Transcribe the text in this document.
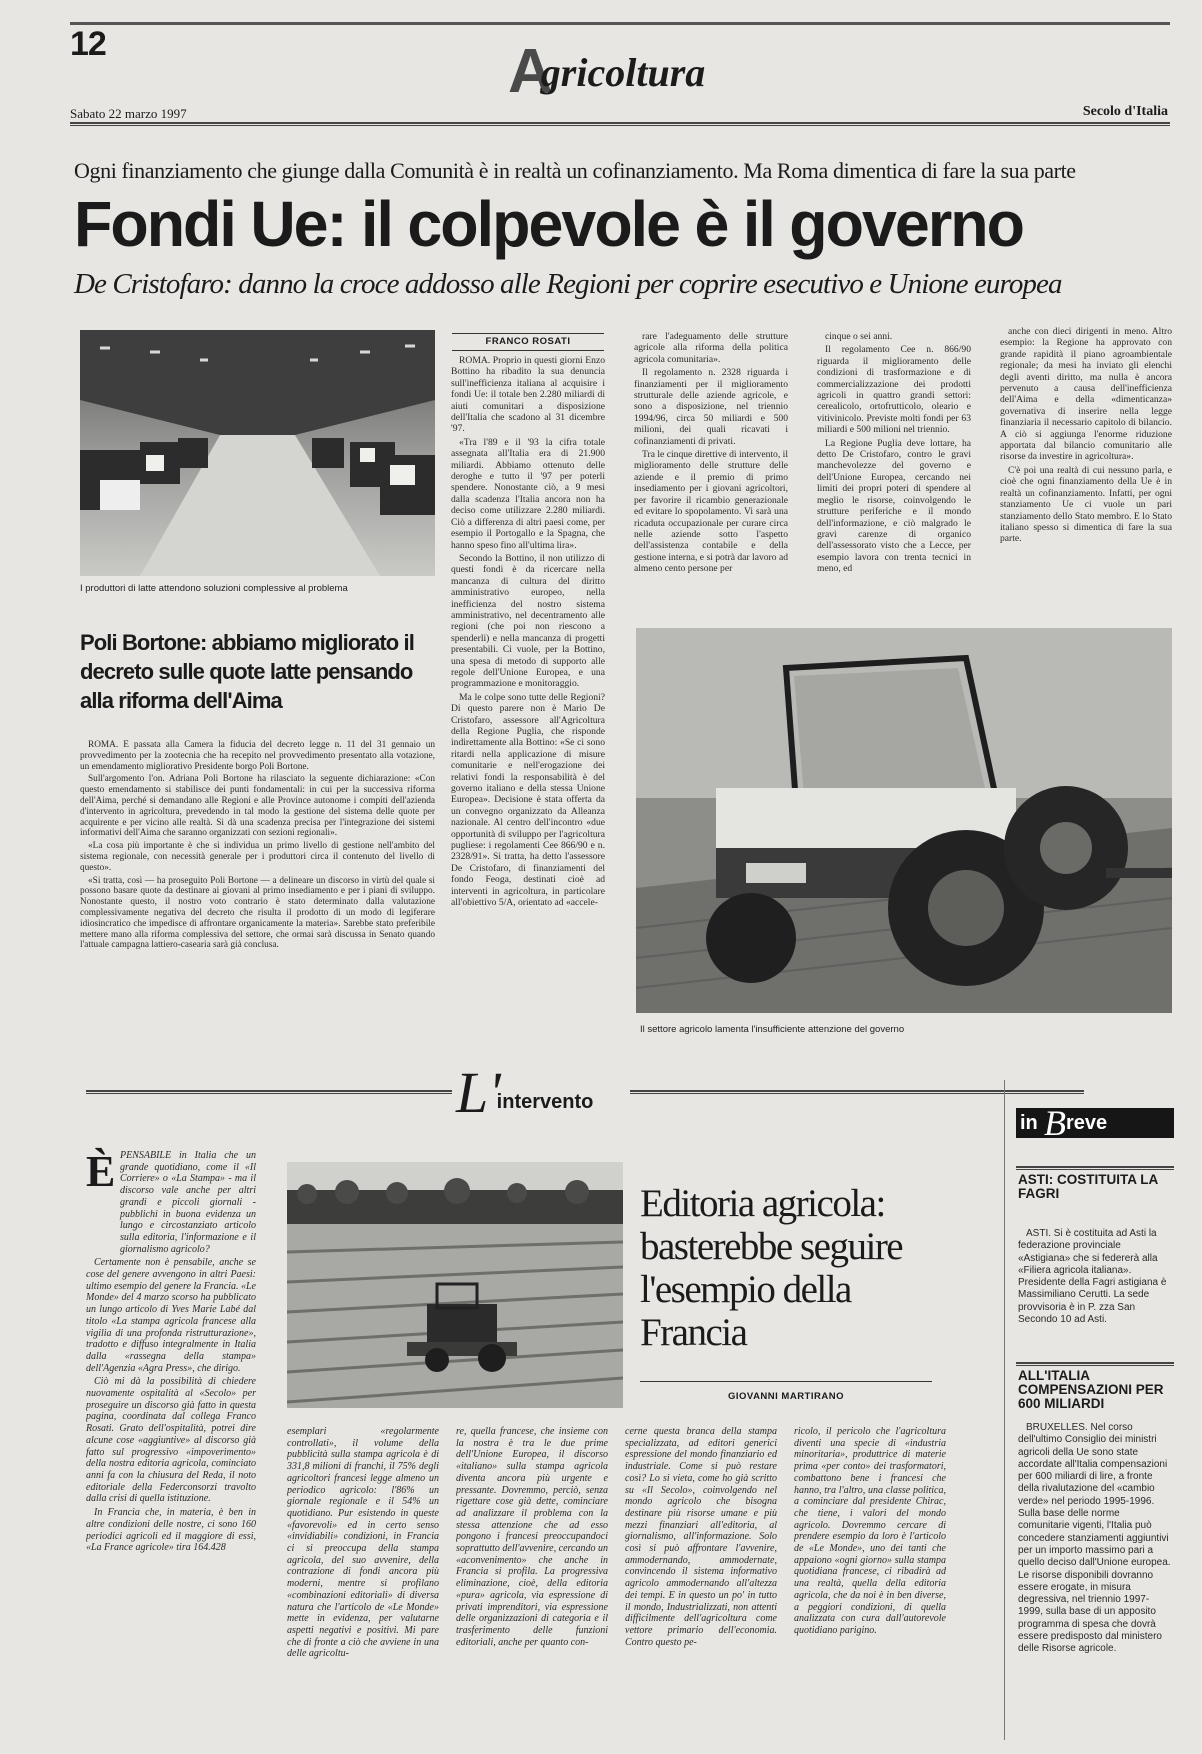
12	Agricoltura
Sabato 22 marzo 1997	Secolo d'Italia
Ogni finanziamento che giunge dalla Comunità è in realtà un cofinanziamento. Ma Roma dimentica di fare la sua parte
Fondi Ue: il colpevole è il governo
De Cristofaro: danno la croce addosso alle Regioni per coprire esecutivo e Unione europea
I produttori di latte attendono soluzioni complessive al problema
FRANCO ROSATI

ROMA. Proprio in questi giorni Enzo Bottino ha ribadito la sua denuncia sull'inefficienza italiana al acquisire i fondi Ue: il totale ben 2.280 miliardi di aiuti comunitari a disposizione dell'Italia che scadono al 31 dicembre '97.

«Tra l'89 e il '93 la cifra totale assegnata all'Italia era di 21.900 miliardi. Abbiamo ottenuto delle deroghe e tutto il '97 per poterli spendere. Nonostante ciò, a 9 mesi dalla scadenza l'Italia ancora non ha deciso come utilizzare 2.280 miliardi. Ciò a differenza di altri paesi come, per esempio il Portogallo e la Spagna, che hanno speso fino all'ultima lira».

Secondo la Bottino, il non utilizzo di questi fondi è da ricercare nella mancanza di cultura del diritto amministrativo europeo, nella inefficienza del nostro sistema amministrativo, nel decentramento alle regioni (che poi non riescono a spenderli) e nella mancanza di progetti presentabili. Ci vuole, per la Bottino, una spesa di metodo di supporto alle regole dell'Unione Europea, e una programmazione e monitoraggio.

Ma le colpe sono tutte delle Regioni? Di questo parere non è Mario De Cristofaro, assessore all'Agricoltura della Regione Puglia, che risponde indirettamente alla Bottino: «Se ci sono ritardi nella applicazione di misure comunitarie e nell'erogazione dei relativi fondi la responsabilità è del governo italiano e della stessa Unione Europea». Decisione è stata offerta da un convegno organizzato da Alleanza nazionale. Al centro dell'incontro «due opportunità di sviluppo per l'agricoltura pugliese: i regolamenti Cee 866/90 e n. 2328/91». Si tratta, ha detto l'assessore De Cristofaro, di finanziamenti del fondo Feoga, destinati cioè ad interventi in agricoltura, in particolare all'obiettivo 5/A, orientato ad «accele-

rare l'adeguamento delle strutture agricole alla riforma della politica agricola comunitaria».

Il regolamento n. 2328 riguarda i finanziamenti per il miglioramento strutturale delle aziende agricole, e sono a disposizione, nel triennio 1994/96, circa 50 miliardi e 500 milioni, dei quali ricavati i cofinanziamenti di privati.

Tra le cinque direttive di intervento, il miglioramento delle strutture delle aziende e il premio di primo insediamento per i giovani agricoltori, per favorire il ricambio generazionale ed evitare lo spopolamento. Vi sarà una ricaduta occupazionale per curare circa nelle aziende sotto l'aspetto dell'assistenza contabile e della gestione interna, e si potrà dar lavoro ad almeno cento persone per

cinque o sei anni.

Il regolamento Cee n. 866/90 riguarda il miglioramento delle condizioni di trasformazione e di commercializzazione dei prodotti agricoli in quattro grandi settori: cerealicolo, ortofrutticolo, oleario e vitivinicolo. Previste molti fondi per 63 miliardi e 500 milioni nel triennio.

La Regione Puglia deve lottare, ha detto De Cristofaro, contro le gravi manchevolezze del governo e dell'Unione Europea, cercando nei limiti dei propri poteri di spendere al meglio le risorse, coinvolgendo le strutture periferiche e il mondo dell'informazione, e ciò malgrado le gravi carenze di organico dell'assessorato visto che a Lecce, per esempio lavora con trenta tecnici in meno, ed

anche con dieci dirigenti in meno. Altro esempio: la Regione ha approvato con grande rapidità il piano agroambientale regionale; da mesi ha inviato gli elenchi degli aventi diritto, ma nulla è ancora pervenuto a causa dell'inefficienza dell'Aima e della «dimenticanza» governativa di inserire nella legge finanziaria il necessario capitolo di bilancio. A ciò si aggiunga l'enorme riduzione apportata dal bilancio comunitario alle risorse da investire in agricoltura».

C'è poi una realtà di cui nessuno parla, e cioè che ogni finanziamento della Ue è in realtà un cofinanziamento. Infatti, per ogni stanziamento Ue ci vuole un pari stanziamento dello Stato membro. E lo Stato italiano spesso si dimentica di fare la sua parte.

Il settore agricolo lamenta l'insufficiente attenzione del governo
Poli Bortone: abbiamo migliorato il decreto sulle quote latte pensando alla riforma dell'Aima

ROMA. È passata alla Camera la fiducia del decreto legge n. 11 del 31 gennaio un provvedimento per la zootecnia che ha recepito nel provvedimento presentato alla votazione, un emendamento migliorativo Presidente borgo Poli Bortone.

Sull'argomento l'on. Adriana Poli Bortone ha rilasciato la seguente dichiarazione: «Con questo emendamento si stabilisce dei punti fondamentali: in cui per la successiva riforma dell'Aima, perché si demandano alle Regioni e alle Province autonome i compiti dell'azienda d'intervento in agricoltura, prevedendo in tal modo la gestione del sistema delle quote per acquirente e per vicino alle realtà. Si dà una scadenza precisa per l'integrazione dei sistemi informativi dell'Aima che saranno organizzati con sezioni regionali».

«La cosa più importante è che si individua un primo livello di gestione nell'ambito del sistema regionale, con necessità generale per i produttori circa il contenuto del livello di questo».

«Si tratta, così — ha proseguito Poli Bortone — a delineare un discorso in virtù del quale si possono basare quote da destinare ai giovani al primo insediamento e per i piani di sviluppo. Nonostante questo, il nostro voto contrario è stato determinato dalla valutazione complessivamente negativa del decreto che risulta il prodotto di un modo di legiferare idiosincratico che impedisce di affrontare organicamente la materia». Sarebbe stato preferibile mettere mano alla riforma complessiva del settore, che ormai sarà discussa in Senato quando l'attuale campagna lattiero-casearia sarà già conclusa.

L'intervento
È PENSABILE in Italia che un grande quotidiano, come il «Il Corriere» o «La Stampa» - ma il discorso vale anche per altri grandi e piccoli giornali - pubblichi in buona evidenza un lungo e circostanziato articolo sulla editoria, l'informazione e il giornalismo agricolo?

Certamente non è pensabile, anche se cose del genere avvengono in altri Paesi: ultimo esempio del genere la Francia. «Le Monde» del 4 marzo scorso ha pubblicato un lungo articolo di Yves Marie Labé dal titolo «La stampa agricola francese alla vigilia di una profonda ristrutturazione», tradotto e diffuso integralmente in Italia dalla «rassegna della stampa» dell'Agenzia «Agra Press», che dirigo.

Ciò mi dà la possibilità di chiedere nuovamente ospitalità al «Secolo» per proseguire un discorso già fatto in questa pagina, coordinata dal collega Franco Rosati. Grato dell'ospitalità, potrei dire alcune cose «aggiuntive» al discorso già fatto sul progressivo «impoverimento» della nostra editoria agricola, cominciato anni fa con la chiusura del Reda, il noto editoriale della Federconsorzi travolto dalla crisi di quella istituzione.

In Francia che, in materia, è ben in altre condizioni delle nostre, ci sono 160 periodici agricoli ed il maggiore di essi, «La France agricole» tira 164.428

Editoria agricola: basterebbe seguire l'esempio della Francia
GIOVANNI MARTIRANO

esemplari «regolarmente controllati», il volume della pubblicità sulla stampa agricola è di 331,8 milioni di franchi, il 75% degli agricoltori francesi legge almeno un periodico agricolo: l'86% un giornale regionale e il 54% un quotidiano. Pur esistendo in queste «favorevoli» ed in certo senso «invidiabili» condizioni, in Francia ci si preoccupa della stampa agricola, del suo avvenire, della contrazione di fondi ancora più moderni, mentre si profilano «combinazioni editoriali» di diversa natura che l'articolo de «Le Monde» mette in evidenza, per valutarne aspetti negativi e positivi. Mi pare che di fronte a ciò che avviene in una delle agricoltu-

re, quella francese, che insieme con la nostra è tra le due prime dell'Unione Europea, il discorso «italiano» sulla stampa agricola diventa ancora più urgente e pressante. Dovremmo, perciò, senza rigettare cose già dette, cominciare ad analizzare il problema con la stessa attenzione che ad esso pongono i francesi preoccupandoci soprattutto dell'avvenire, cercando un «aconvenimento» che anche in Francia si profila. La progressiva eliminazione, cioè, della editoria «pura» agricola, via espressione di privati imprenditori, via espressione delle organizzazioni di categoria e il trasferimento delle funzioni editoriali, anche per quanto con-

cerne questa branca della stampa specializzata, ad editori generici espressione del mondo finanziario ed industriale. Come si può restare così? Lo si vieta, come ho già scritto su «Il Secolo», coinvolgendo nel mondo agricolo che bisogna destinare più risorse umane e più mezzi finanziari all'editoria, al giornalismo, all'informazione. Solo così si può affrontare l'avvenire, ammodernando, ammodernate, convincendo il sistema informativo agricolo ammodernando all'altezza dei tempi. E in questo un po' in tutto il mondo, Industrializzati, non attenti difficilmente dell'agricoltura come vettore primario dell'economia. Contro questo pe-

ricolo, il pericolo che l'agricoltura diventi una specie di «industria minoritaria», produttrice di materie prima «per conto» dei trasformatori, combattono bene i francesi che hanno, tra l'altro, una classe politica, a cominciare dal presidente Chirac, che tiene, i valori del mondo agricolo. Dovremmo cercare di prendere esempio da loro è l'articolo de «Le Monde», uno dei tanti che appaiono «ogni giorno» sulla stampa quotidiana francese, ci ribadirà ad una realtà, quella della editoria agricola, che da noi è in ben diverse, a peggiori condizioni, di quella analizzata con cura dall'autorevole quotidiano parigino.

in B reve
ASTI: COSTITUITA LA FAGRI

ASTI. Si è costituita ad Asti la federazione provinciale «Astigiana» che si federerà alla «Filiera agricola italiana». Presidente della Fagri astigiana è Massimiliano Cerutti. La sede provvisoria è in P. zza San Secondo 10 ad Asti.

ALL'ITALIA COMPENSAZIONI PER 600 MILIARDI

BRUXELLES. Nel corso dell'ultimo Consiglio dei ministri agricoli della Ue sono state accordate all'Italia compensazioni per 600 miliardi di lire, a fronte della rivalutazione del «cambio verde» nel periodo 1995-1996. Sulla base delle norme comunitarie vigenti, l'Italia può concedere stanziamenti aggiuntivi per un importo massimo pari a quello deciso dall'Unione europea. Le risorse disponibili dovranno essere erogate, in misura degressiva, nel triennio 1997-1999, sulla base di un apposito programma di spesa che dovrà essere predisposto dal ministero delle Risorse agricole.
